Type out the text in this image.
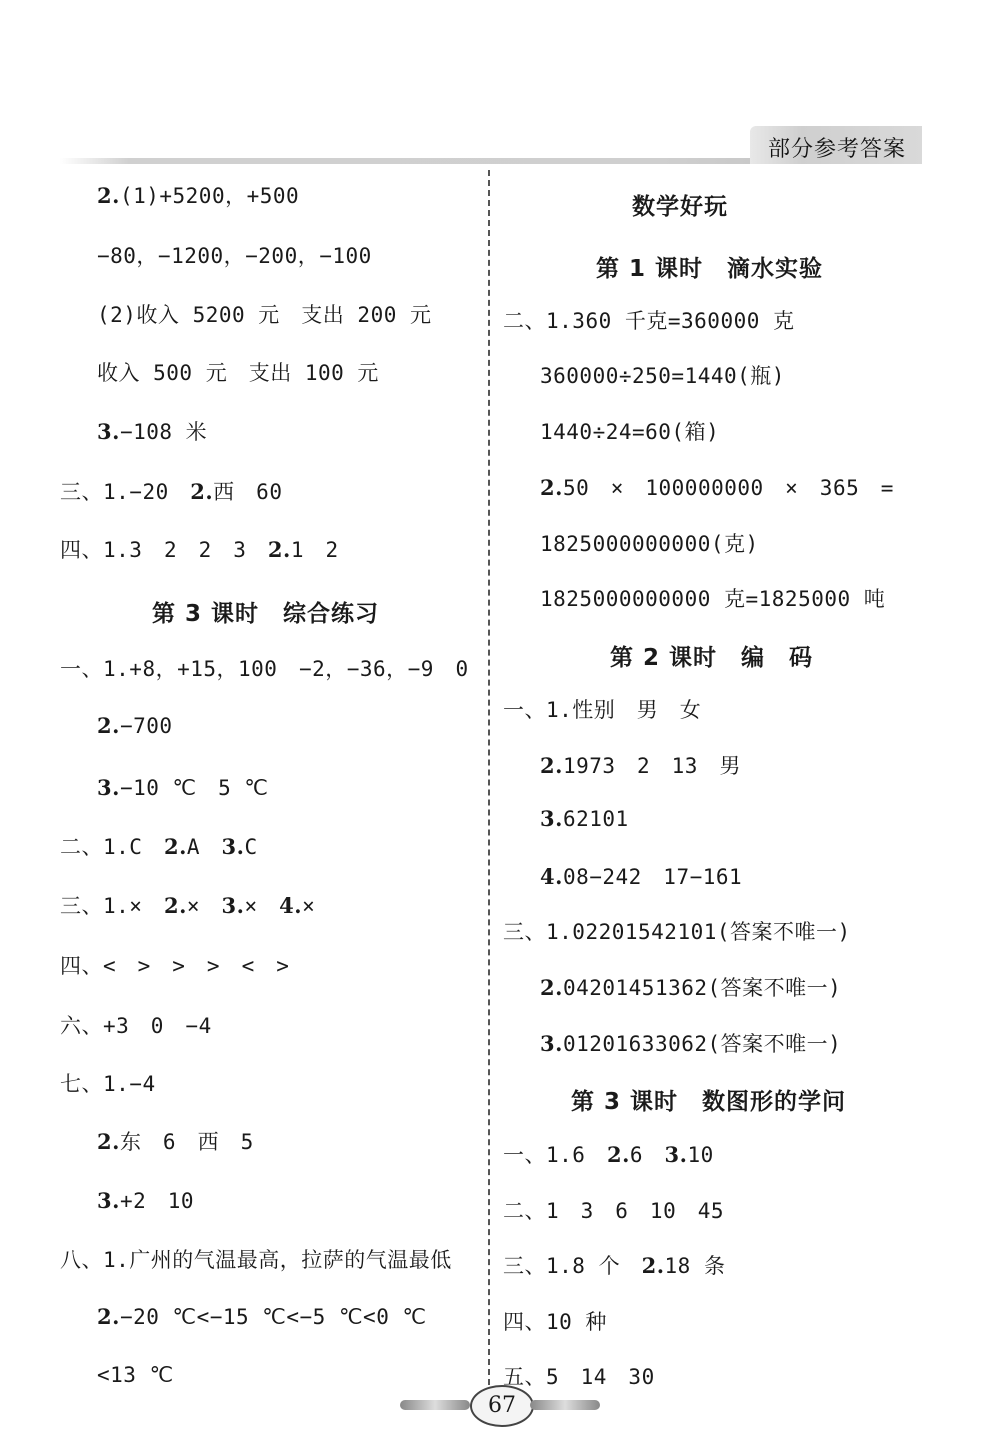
部分参考答案
2.(1)+5200，+500
−80，−1200，−200，−100
(2)收入 5200 元　支出 200 元
收入 500 元　支出 100 元
3.−108 米
三、1.−20　2.西　60
四、1.3　2　2　3　2.1　2
第 3 课时　综合练习
一、1.+8，+15，100　−2，−36，−9　0
2.−700
3.−10 ℃　5 ℃
二、1.C　2.A　3.C
三、1.×　2.×　3.×　4.×
四、<　>　>　>　<　>
六、+3　0　−4
七、1.−4
2.东　6　西　5
3.+2　10
八、1.广州的气温最高，拉萨的气温最低
2.−20 ℃<−15 ℃<−5 ℃<0 ℃
<13 ℃
数学好玩
第 1 课时　滴水实验
二、1.360 千克=360000 克
360000÷250=1440(瓶)
1440÷24=60(箱)
2.50　×　100000000　×　365　=
1825000000000(克)
1825000000000 克=1825000 吨
第 2 课时　编　码
一、1.性别　男　女
2.1973　2　13　男
3.62101
4.08−242　17−161
三、1.02201542101(答案不唯一)
2.04201451362(答案不唯一)
3.01201633062(答案不唯一)
第 3 课时　数图形的学问
一、1.6　2.6　3.10
二、1　3　6　10　45
三、1.8 个　2.18 条
四、10 种
五、5　14　30
67
